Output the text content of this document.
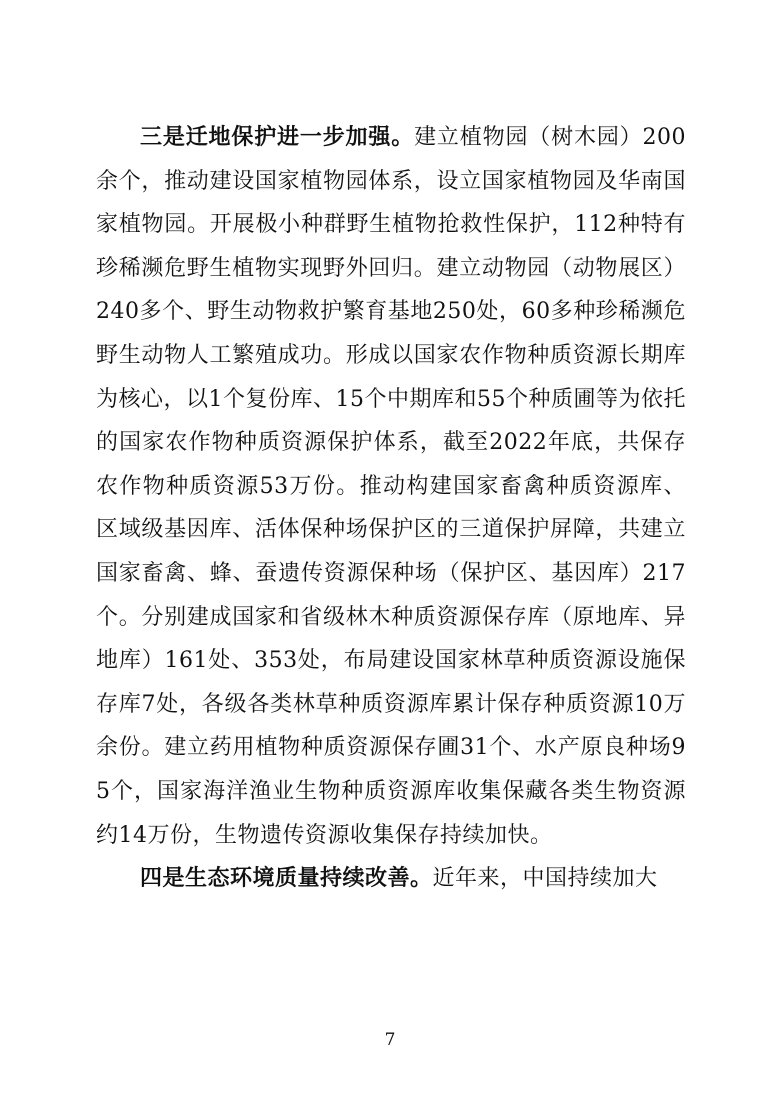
三是迁地保护进一步加强。建立植物园（树木园）200余个，推动建设国家植物园体系，设立国家植物园及华南国家植物园。开展极小种群野生植物抢救性保护，112种特有珍稀濒危野生植物实现野外回归。建立动物园（动物展区）240多个、野生动物救护繁育基地250处，60多种珍稀濒危野生动物人工繁殖成功。形成以国家农作物种质资源长期库为核心，以1个复份库、15个中期库和55个种质圃等为依托的国家农作物种质资源保护体系，截至2022年底，共保存农作物种质资源53万份。推动构建国家畜禽种质资源库、区域级基因库、活体保种场保护区的三道保护屏障，共建立国家畜禽、蜂、蚕遗传资源保种场（保护区、基因库）217个。分别建成国家和省级林木种质资源保存库（原地库、异地库）161处、353处，布局建设国家林草种质资源设施保存库7处，各级各类林草种质资源库累计保存种质资源10万余份。建立药用植物种质资源保存圃31个、水产原良种场95个，国家海洋渔业生物种质资源库收集保藏各类生物资源约14万份，生物遗传资源收集保存持续加快。

四是生态环境质量持续改善。近年来，中国持续加大

7
